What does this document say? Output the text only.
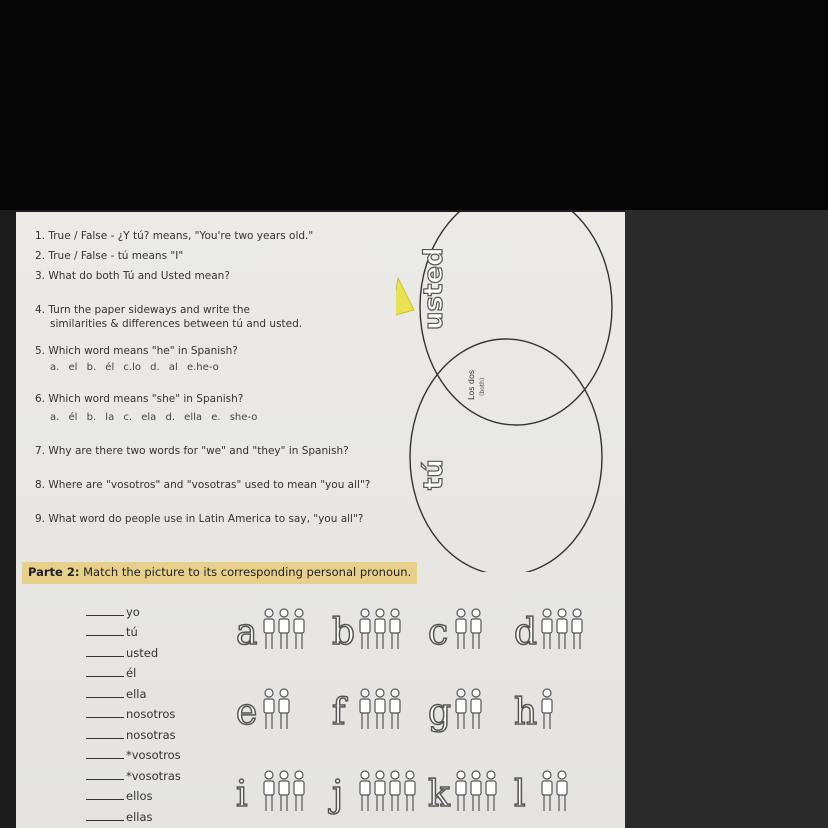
1. True / False - ¿Y tú? means, "You're two years old."
2. True / False - tú means "I"
3. What do both Tú and Usted mean?
4. Turn the paper sideways and write the
similarities & differences between tú and usted.
5. Which word means "he" in Spanish?
a. el b. él c.lo d. al e.he-o
6. Which word means "she" in Spanish?
a. él b. la c. ela d. ella e. she-o
7. Why are there two words for "we" and "they" in Spanish?
8. Where are "vosotros" and "vosotras" used to mean "you all"?
9. What word do people use in Latin America to say, "you all"?
usted
tú
Los dos (both)
Parte 2: Match the picture to its corresponding personal pronoun.
yo
tú
usted
él
ella
nosotros
nosotras
*vosotros
*vosotras
ellos
ellas
a b c d
e f g h
i j k l
